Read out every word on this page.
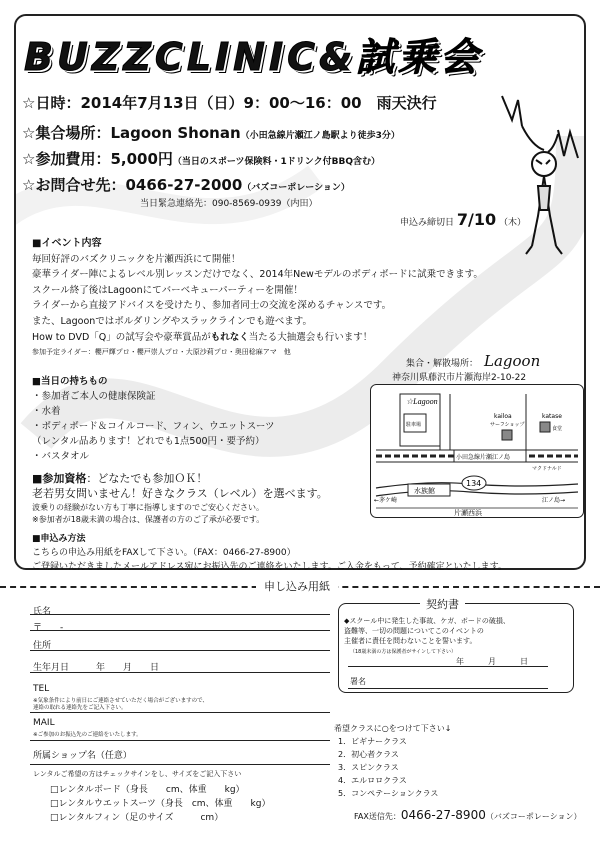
BUZZCLINIC&試乗会
☆日時：2014年7月13日（日）9：00〜16：00　雨天決行
☆集合場所：Lagoon Shonan（小田急線片瀬江ノ島駅より徒歩3分）
☆参加費用：5,000円（当日のスポーツ保険料・1ドリンク付BBQ含む）
☆お問合せ先：0466-27-2000（バズコーポレーション）
当日緊急連絡先：090-8569-0939（内田）
申込み締切日 7/10 （木）
■イベント内容
毎回好評のバズクリニックを片瀬西浜にて開催！
豪華ライダー陣によるレベル別レッスンだけでなく、2014年Newモデルのボディボードに試乗できます。
スクール終了後はLagoonにてバーベキューパーティーを開催！
ライダーから直接アドバイスを受けたり、参加者同士の交流を深めるチャンスです。
また、Lagoonではボルダリングやスラックラインでも遊べます。
How to DVD「Q」の試写会や豪華賞品がもれなく当たる大抽選会も行います！
参加予定ライダー：櫻戸輝プロ・櫻戸崇人プロ・大原沙莉プロ・奥田稔麻アマ　他
■当日の持ちもの
・参加者ご本人の健康保険証
・水着
・ボディボード＆コイルコード、フィン、ウエットスーツ
（レンタル品あります！どれでも1点500円・要予約）
・バスタオル
■参加資格：どなたでも参加ＯＫ！
老若男女問いません！好きなクラス（レベル）を選べます。
波乗りの経験がない方も丁寧に指導しますのでご安心ください。
※参加者が18歳未満の場合は、保護者の方のご了承が必要です。
■申込み方法
こちらの申込み用紙をFAXして下さい。（FAX：0466-27-8900）
ご登録いただきましたメールアドレス宛にお振込先のご連絡をいたします。ご入金をもって、予約確定といたします。
集合・解散場所： Lagoon
神奈川県藤沢市片瀬海岸2-10-22
☆Lagoon
駐車場
kailoa
サーフショップ
katase
食堂
小田急線片瀬江ノ島
マクドナルド
134
水族館
←茅ケ崎	江ノ島→
片瀬西浜
申し込み用紙
氏名
〒　　-
住所
生年月日　　　年　　月　　日
TEL
※気象条件により前日にご連絡させていただく場合がございますので、
連絡の取れる連絡先をご記入下さい。
MAIL
※ご参加のお振込先のご連絡をいたします。
所属ショップ名（任意）
レンタルご希望の方はチェックサインをし、サイズをご記入下さい
□レンタルボード（身長　　cm、体重　　kg）
□レンタルウエットスーツ（身長　cm、体重　　kg）
□レンタルフィン（足のサイズ　　　cm）
契約書
◆スクール中に発生した事故、ケガ、ボードの破損、
盗難等、一切の問題についてこのイベントの
主催者に責任を問わないことを誓います。
（18歳未満の方は保護者がサインして下さい）
年　　　月　　　日
署名
希望クラスに○をつけて下さい↓
1．ビギナークラス
2．初心者クラス
3．スピンクラス
4．エルロロクラス
5．コンペテーションクラス
FAX送信先：0466-27-8900（バズコーポレーション）
